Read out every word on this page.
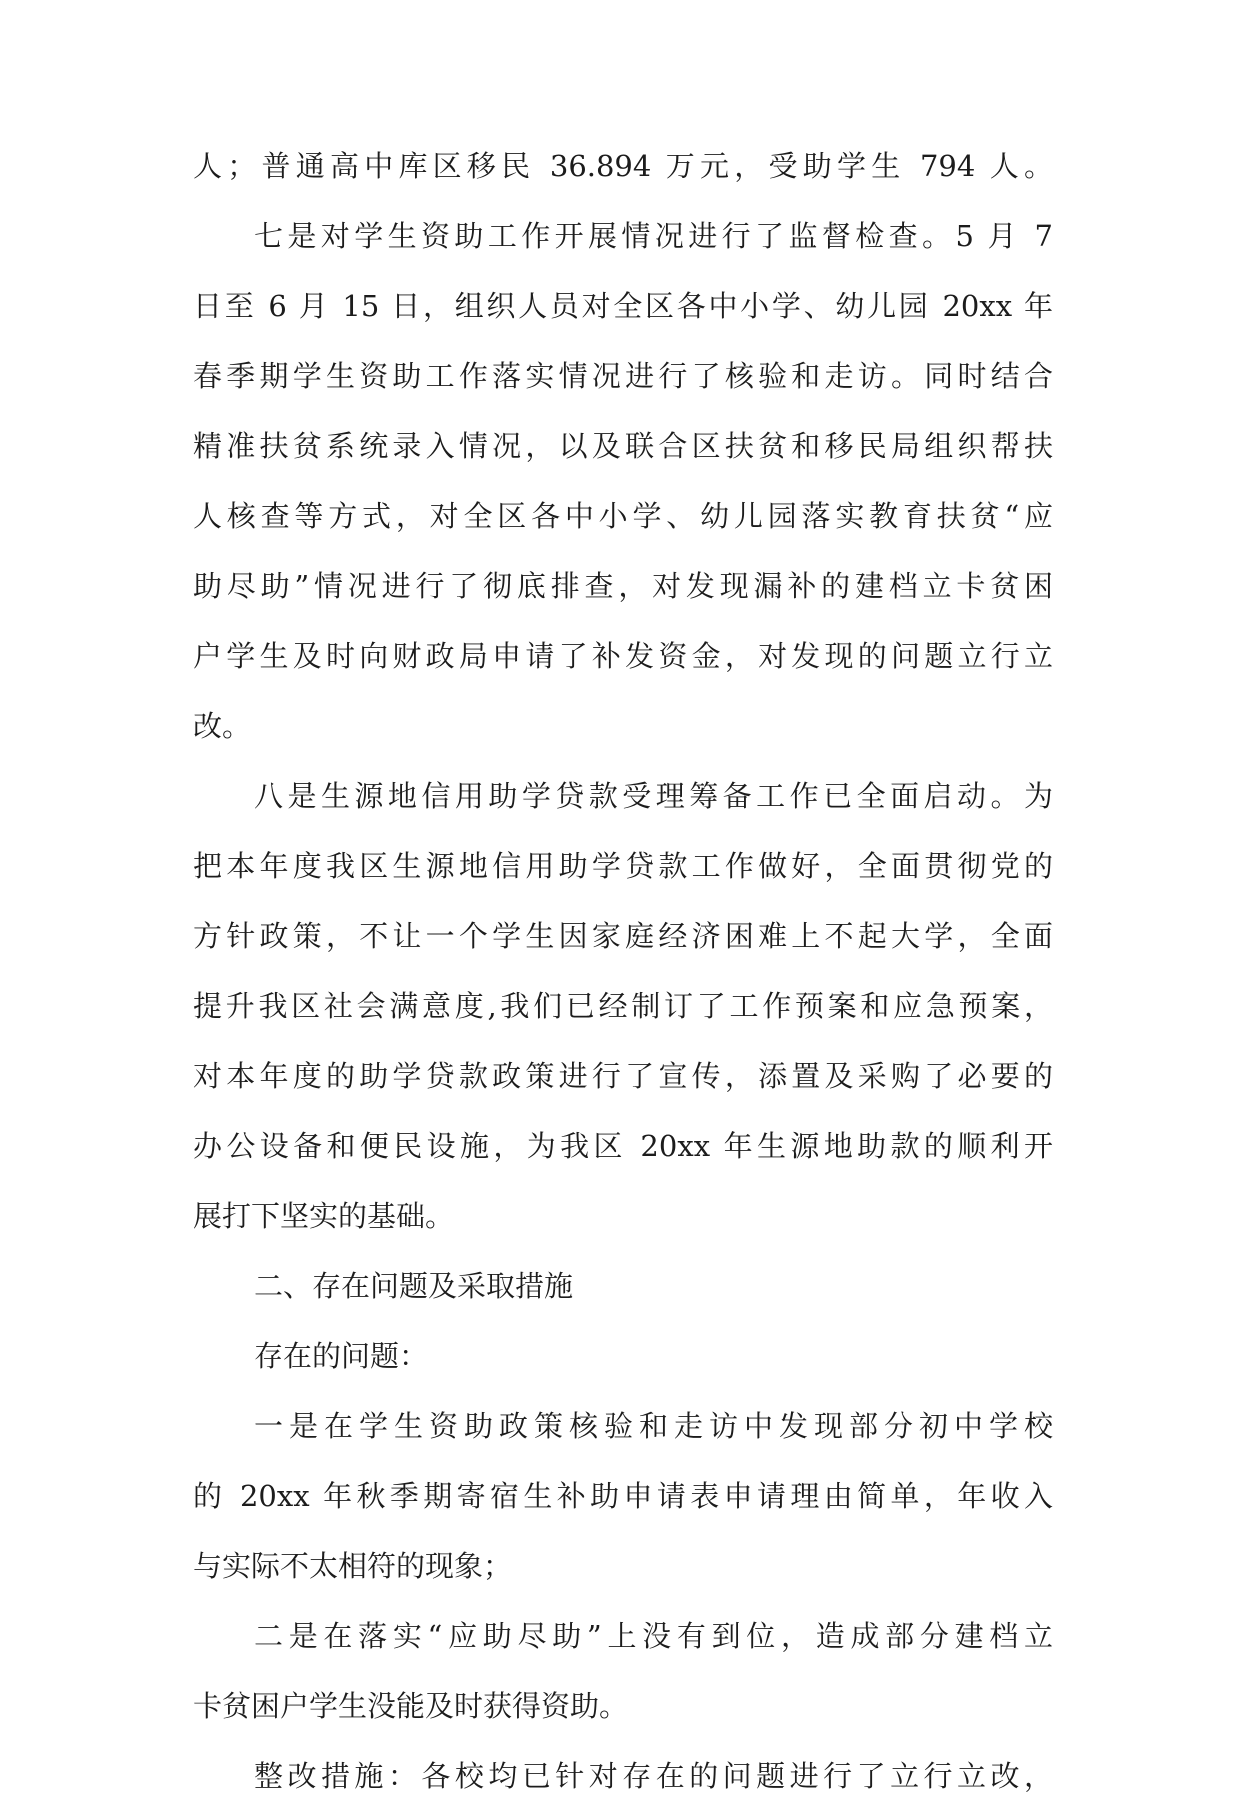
人；普通高中库区移民 36.894 万元，受助学生 794 人。
七是对学生资助工作开展情况进行了监督检查。5 月 7
日至 6 月 15 日，组织人员对全区各中小学、幼儿园 20xx 年
春季期学生资助工作落实情况进行了核验和走访。同时结合
精准扶贫系统录入情况，以及联合区扶贫和移民局组织帮扶
人核查等方式，对全区各中小学、幼儿园落实教育扶贫“应
助尽助”情况进行了彻底排查，对发现漏补的建档立卡贫困
户学生及时向财政局申请了补发资金，对发现的问题立行立
改。
八是生源地信用助学贷款受理筹备工作已全面启动。为
把本年度我区生源地信用助学贷款工作做好，全面贯彻党的
方针政策，不让一个学生因家庭经济困难上不起大学，全面
提升我区社会满意度,我们已经制订了工作预案和应急预案，
对本年度的助学贷款政策进行了宣传，添置及采购了必要的
办公设备和便民设施，为我区 20xx 年生源地助款的顺利开
展打下坚实的基础。
二、存在问题及采取措施
存在的问题：
一是在学生资助政策核验和走访中发现部分初中学校
的 20xx 年秋季期寄宿生补助申请表申请理由简单，年收入
与实际不太相符的现象；
二是在落实“应助尽助”上没有到位，造成部分建档立
卡贫困户学生没能及时获得资助。
整改措施：各校均已针对存在的问题进行了立行立改，
